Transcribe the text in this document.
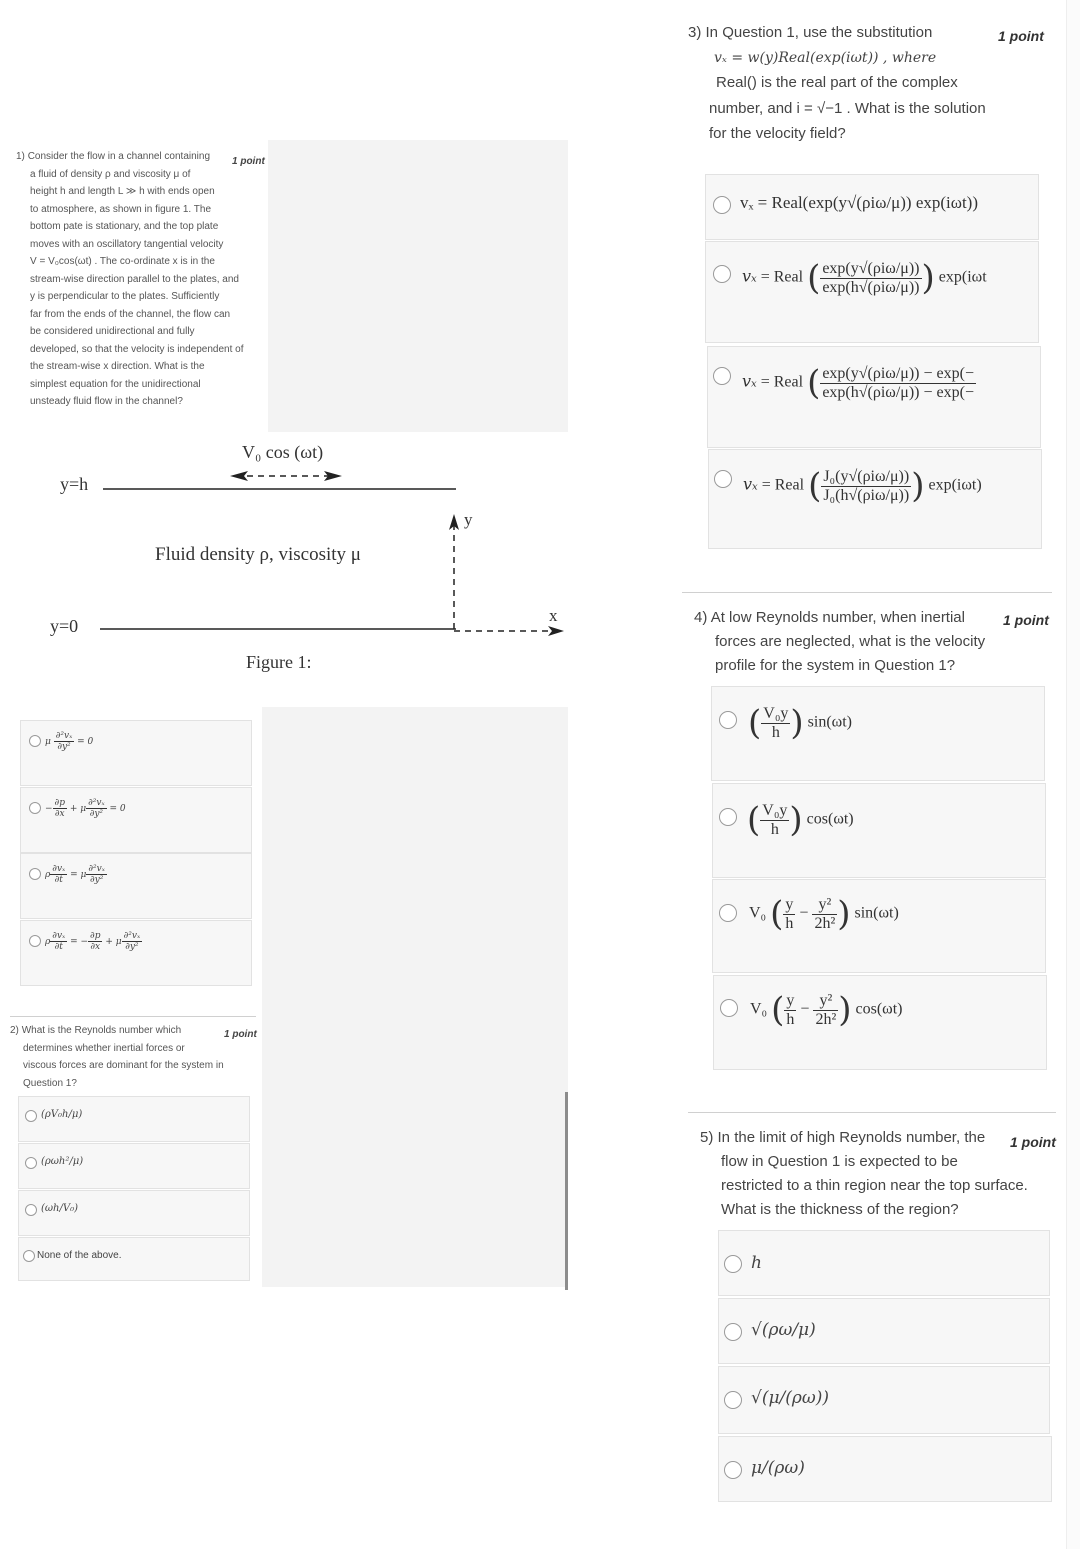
1) Consider the flow in a channel containing
a fluid of density ρ and viscosity μ of
height h and length L ≫ h with ends open
to atmosphere, as shown in figure 1. The
bottom pate is stationary, and the top plate
moves with an oscillatory tangential velocity
V = V₀cos(ωt) . The co-ordinate x is in the
stream-wise direction parallel to the plates, and
y is perpendicular to the plates. Sufficiently
far from the ends of the channel, the flow can
be considered unidirectional and fully
developed, so that the velocity is independent of
the stream-wise x direction. What is the
simplest equation for the unidirectional
unsteady fluid flow in the channel?
1 point
V₀ cos (ωt)
y=h
y=0
Fluid density ρ, viscosity μ
y
x
Figure 1:
μ $\frac{\text{∂²vₓ}}{\text{∂y²}} = 0$
− $\frac{\partial p}{\partial x} + \mu \frac{\text{∂²vₓ}}{\text{∂y²}} = 0$
ρ $\frac{\text{∂vₓ}}{\partial t} = \mu \frac{\text{∂²vₓ}}{\text{∂y²}}$
ρ $\frac{\text{∂vₓ}}{\partial t}$ = − $\frac{\partial p}{\partial x} + \mu \frac{\text{∂²vₓ}}{\text{∂y²}}$
2) What is the Reynolds number which
determines whether inertial forces or
viscous forces are dominant for the system in
Question 1?
1 point
(ρV₀h/μ)
(ρωh²/μ)
(ωh/V₀)
None of the above.
3) In Question 1, use the substitution
vₓ = w(y)Real(exp(iωt)) , where
Real() is the real part of the complex
number, and i = √−1 . What is the solution
for the velocity field?
1 point
vₓ = Real(exp(y√(ρiω/μ)) exp(iωt))
vₓ = Real ( $\frac{\text{exp(y√(ρiω/μ))}}{\text{exp(h√(ρiω/μ))}}$ ) exp(iωt
vₓ = Real ( $\frac{\text{exp(y√(ρiω/μ)) − exp(−}}{\text{exp(h√(ρiω/μ)) − exp(−}}$
vₓ = Real ( $\frac{\text{J₀(y√(ρiω/μ))}}{\text{J₀(h√(ρiω/μ))}}$ ) exp(iωt)
4) At low Reynolds number, when inertial
forces are neglected, what is the velocity
profile for the system in Question 1?
1 point
( $\frac{\text{V₀y}}{h}$ ) sin(ωt)
( $\frac{\text{V₀y}}{h}$ ) cos(ωt)
V₀ ( $\frac{y}{h} - \frac{\text{y²}}{\text{2h²}}$ ) sin(ωt)
V₀ ( $\frac{y}{h} - \frac{\text{y²}}{\text{2h²}}$ ) cos(ωt)
5) In the limit of high Reynolds number, the
flow in Question 1 is expected to be
restricted to a thin region near the top surface.
What is the thickness of the region?
1 point
h
√(ρω/μ)
√(μ/(ρω))
μ/(ρω)
